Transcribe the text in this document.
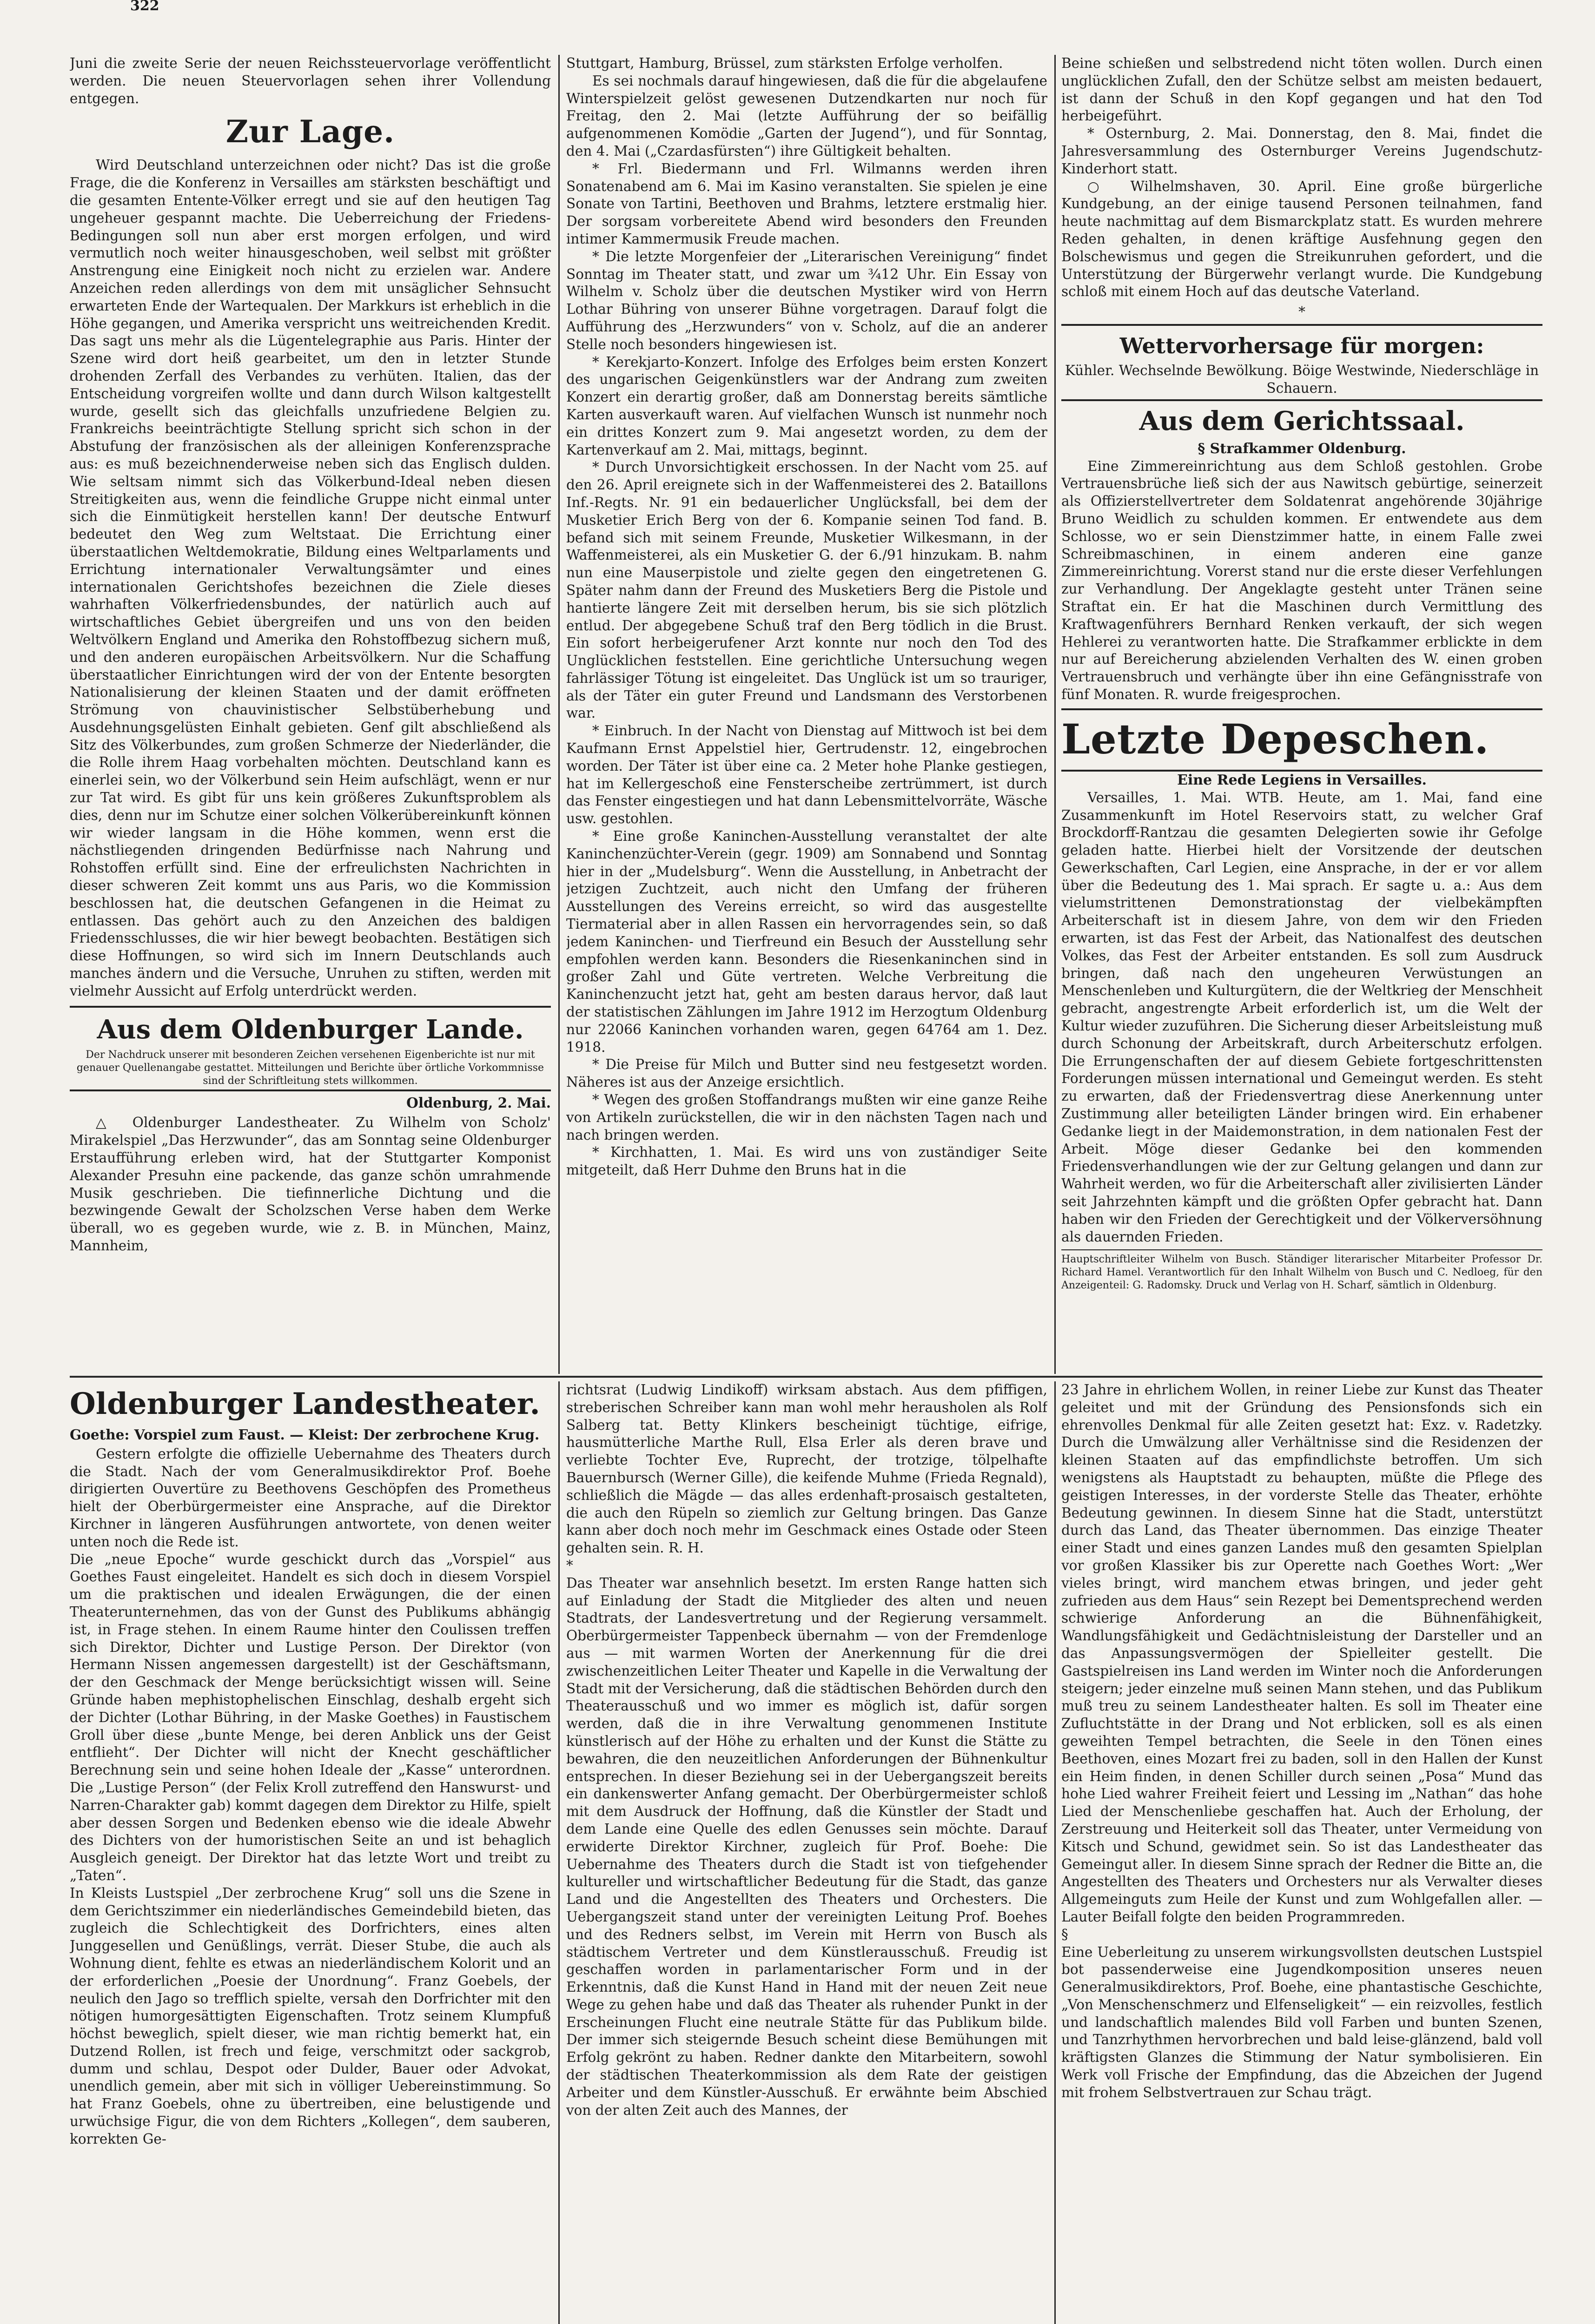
322

Juni die zweite Serie der neuen Reichssteuervorlage veröffentlicht werden. Die neuen Steuervorlagen sehen ihrer Vollendung entgegen.

Zur Lage.

Wird Deutschland unterzeichnen oder nicht? Das ist die große Frage, die die Konferenz in Versailles am stärksten beschäftigt und die gesamten Entente-Völker erregt und sie auf den heutigen Tag ungeheuer gespannt machte. Die Ueberreichung der Friedens-Bedingungen soll nun aber erst morgen erfolgen, und wird vermutlich noch weiter hinausgeschoben, weil selbst mit größter Anstrengung eine Einigkeit noch nicht zu erzielen war. Andere Anzeichen reden allerdings von dem mit unsäglicher Sehnsucht erwarteten Ende der Wartequalen. Der Markkurs ist erheblich in die Höhe gegangen, und Amerika verspricht uns weitreichenden Kredit. Das sagt uns mehr als die Lügentelegraphie aus Paris. Hinter der Szene wird dort heiß gearbeitet, um den in letzter Stunde drohenden Zerfall des Verbandes zu verhüten. Italien, das der Entscheidung vorgreifen wollte und dann durch Wilson kaltgestellt wurde, gesellt sich das gleichfalls unzufriedene Belgien zu. Frankreichs beeinträchtigte Stellung spricht sich schon in der Abstufung der französischen als der alleinigen Konferenzsprache aus: es muß bezeichnenderweise neben sich das Englisch dulden. Wie seltsam nimmt sich das Völkerbund-Ideal neben diesen Streitigkeiten aus, wenn die feindliche Gruppe nicht einmal unter sich die Einmütigkeit herstellen kann! Der deutsche Entwurf bedeutet den Weg zum Weltstaat. Die Errichtung einer überstaatlichen Weltdemokratie, Bildung eines Weltparlaments und Errichtung internationaler Verwaltungsämter und eines internationalen Gerichtshofes bezeichnen die Ziele dieses wahrhaften Völkerfriedensbundes, der natürlich auch auf wirtschaftliches Gebiet übergreifen und uns von den beiden Weltvölkern England und Amerika den Rohstoffbezug sichern muß, und den anderen europäischen Arbeitsvölkern. Nur die Schaffung überstaatlicher Einrichtungen wird der von der Entente besorgten Nationalisierung der kleinen Staaten und der damit eröffneten Strömung von chauvinistischer Selbstüberhebung und Ausdehnungsgelüsten Einhalt gebieten. Genf gilt abschließend als Sitz des Völkerbundes, zum großen Schmerze der Niederländer, die die Rolle ihrem Haag vorbehalten möchten. Deutschland kann es einerlei sein, wo der Völkerbund sein Heim aufschlägt, wenn er nur zur Tat wird. Es gibt für uns kein größeres Zukunftsproblem als dies, denn nur im Schutze einer solchen Völkerübereinkunft können wir wieder langsam in die Höhe kommen, wenn erst die nächstliegenden dringenden Bedürfnisse nach Nahrung und Rohstoffen erfüllt sind. Eine der erfreulichsten Nachrichten in dieser schweren Zeit kommt uns aus Paris, wo die Kommission beschlossen hat, die deutschen Gefangenen in die Heimat zu entlassen. Das gehört auch zu den Anzeichen des baldigen Friedensschlusses, die wir hier bewegt beobachten. Bestätigen sich diese Hoffnungen, so wird sich im Innern Deutschlands auch manches ändern und die Versuche, Unruhen zu stiften, werden mit vielmehr Aussicht auf Erfolg unterdrückt werden.

Aus dem Oldenburger Lande.
Der Nachdruck unserer mit besonderen Zeichen versehenen Eigenberichte ist nur mit genauer Quellenangabe gestattet. Mitteilungen und Berichte über örtliche Vorkommnisse sind der Schriftleitung stets willkommen.
Oldenburg, 2. Mai.

△ Oldenburger Landestheater. Zu Wilhelm von Scholz' Mirakelspiel „Das Herzwunder“, das am Sonntag seine Oldenburger Erstaufführung erleben wird, hat der Stuttgarter Komponist Alexander Presuhn eine packende, das ganze schön umrahmende Musik geschrieben. Die tiefinnerliche Dichtung und die bezwingende Gewalt der Scholzschen Verse haben dem Werke überall, wo es gegeben wurde, wie z. B. in München, Mainz, Mannheim,

Stuttgart, Hamburg, Brüssel, zum stärksten Erfolge verholfen.

Es sei nochmals darauf hingewiesen, daß die für die abgelaufene Winterspielzeit gelöst gewesenen Dutzendkarten nur noch für Freitag, den 2. Mai (letzte Aufführung der so beifällig aufgenommenen Komödie „Garten der Jugend“), und für Sonntag, den 4. Mai („Czardasfürsten“) ihre Gültigkeit behalten.

* Frl. Biedermann und Frl. Wilmanns werden ihren Sonatenabend am 6. Mai im Kasino veranstalten. Sie spielen je eine Sonate von Tartini, Beethoven und Brahms, letztere erstmalig hier. Der sorgsam vorbereitete Abend wird besonders den Freunden intimer Kammermusik Freude machen.

* Die letzte Morgenfeier der „Literarischen Vereinigung“ findet Sonntag im Theater statt, und zwar um ¾12 Uhr. Ein Essay von Wilhelm v. Scholz über die deutschen Mystiker wird von Herrn Lothar Bühring von unserer Bühne vorgetragen. Darauf folgt die Aufführung des „Herzwunders“ von v. Scholz, auf die an anderer Stelle noch besonders hingewiesen ist.

* Kerekjarto-Konzert. Infolge des Erfolges beim ersten Konzert des ungarischen Geigenkünstlers war der Andrang zum zweiten Konzert ein derartig großer, daß am Donnerstag bereits sämtliche Karten ausverkauft waren. Auf vielfachen Wunsch ist nunmehr noch ein drittes Konzert zum 9. Mai angesetzt worden, zu dem der Kartenverkauf am 2. Mai, mittags, beginnt.

* Durch Unvorsichtigkeit erschossen. In der Nacht vom 25. auf den 26. April ereignete sich in der Waffenmeisterei des 2. Bataillons Inf.-Regts. Nr. 91 ein bedauerlicher Unglücksfall, bei dem der Musketier Erich Berg von der 6. Kompanie seinen Tod fand. B. befand sich mit seinem Freunde, Musketier Wilkesmann, in der Waffenmeisterei, als ein Musketier G. der 6./91 hinzukam. B. nahm nun eine Mauserpistole und zielte gegen den eingetretenen G. Später nahm dann der Freund des Musketiers Berg die Pistole und hantierte längere Zeit mit derselben herum, bis sie sich plötzlich entlud. Der abgegebene Schuß traf den Berg tödlich in die Brust. Ein sofort herbeigerufener Arzt konnte nur noch den Tod des Unglücklichen feststellen. Eine gerichtliche Untersuchung wegen fahrlässiger Tötung ist eingeleitet. Das Unglück ist um so trauriger, als der Täter ein guter Freund und Landsmann des Verstorbenen war.

* Einbruch. In der Nacht von Dienstag auf Mittwoch ist bei dem Kaufmann Ernst Appelstiel hier, Gertrudenstr. 12, eingebrochen worden. Der Täter ist über eine ca. 2 Meter hohe Planke gestiegen, hat im Kellergeschoß eine Fensterscheibe zertrümmert, ist durch das Fenster eingestiegen und hat dann Lebensmittelvorräte, Wäsche usw. gestohlen.

* Eine große Kaninchen-Ausstellung veranstaltet der alte Kaninchenzüchter-Verein (gegr. 1909) am Sonnabend und Sonntag hier in der „Mudelsburg“. Wenn die Ausstellung, in Anbetracht der jetzigen Zuchtzeit, auch nicht den Umfang der früheren Ausstellungen des Vereins erreicht, so wird das ausgestellte Tiermaterial aber in allen Rassen ein hervorragendes sein, so daß jedem Kaninchen- und Tierfreund ein Besuch der Ausstellung sehr empfohlen werden kann. Besonders die Riesenkaninchen sind in großer Zahl und Güte vertreten. Welche Verbreitung die Kaninchenzucht jetzt hat, geht am besten daraus hervor, daß laut der statistischen Zählungen im Jahre 1912 im Herzogtum Oldenburg nur 22066 Kaninchen vorhanden waren, gegen 64764 am 1. Dez. 1918.

* Die Preise für Milch und Butter sind neu festgesetzt worden. Näheres ist aus der Anzeige ersichtlich.

* Wegen des großen Stoffandrangs mußten wir eine ganze Reihe von Artikeln zurückstellen, die wir in den nächsten Tagen nach und nach bringen werden.

* Kirchhatten, 1. Mai. Es wird uns von zuständiger Seite mitgeteilt, daß Herr Duhme den Bruns hat in die

Beine schießen und selbstredend nicht töten wollen. Durch einen unglücklichen Zufall, den der Schütze selbst am meisten bedauert, ist dann der Schuß in den Kopf gegangen und hat den Tod herbeigeführt.

* Osternburg, 2. Mai. Donnerstag, den 8. Mai, findet die Jahresversammlung des Osternburger Vereins Jugendschutz-Kinderhort statt.

○ Wilhelmshaven, 30. April. Eine große bürgerliche Kundgebung, an der einige tausend Personen teilnahmen, fand heute nachmittag auf dem Bismarckplatz statt. Es wurden mehrere Reden gehalten, in denen kräftige Ausfehnung gegen den Bolschewismus und gegen die Streikunruhen gefordert, und die Unterstützung der Bürgerwehr verlangt wurde. Die Kundgebung schloß mit einem Hoch auf das deutsche Vaterland.

*
Wettervorhersage für morgen:
Kühler. Wechselnde Bewölkung. Böige Westwinde, Niederschläge in Schauern.
Aus dem Gerichtssaal.
§ Strafkammer Oldenburg.

Eine Zimmereinrichtung aus dem Schloß gestohlen. Grobe Vertrauensbrüche ließ sich der aus Nawitsch gebürtige, seinerzeit als Offizierstellvertreter dem Soldatenrat angehörende 30jährige Bruno Weidlich zu schulden kommen. Er entwendete aus dem Schlosse, wo er sein Dienstzimmer hatte, in einem Falle zwei Schreibmaschinen, in einem anderen eine ganze Zimmereinrichtung. Vorerst stand nur die erste dieser Verfehlungen zur Verhandlung. Der Angeklagte gesteht unter Tränen seine Straftat ein. Er hat die Maschinen durch Vermittlung des Kraftwagenführers Bernhard Renken verkauft, der sich wegen Hehlerei zu verantworten hatte. Die Strafkammer erblickte in dem nur auf Bereicherung abzielenden Verhalten des W. einen groben Vertrauensbruch und verhängte über ihn eine Gefängnisstrafe von fünf Monaten. R. wurde freigesprochen.

Letzte Depeschen.
Eine Rede Legiens in Versailles.

Versailles, 1. Mai. WTB. Heute, am 1. Mai, fand eine Zusammenkunft im Hotel Reservoirs statt, zu welcher Graf Brockdorff-Rantzau die gesamten Delegierten sowie ihr Gefolge geladen hatte. Hierbei hielt der Vorsitzende der deutschen Gewerkschaften, Carl Legien, eine Ansprache, in der er vor allem über die Bedeutung des 1. Mai sprach. Er sagte u. a.: Aus dem vielumstrittenen Demonstrationstag der vielbekämpften Arbeiterschaft ist in diesem Jahre, von dem wir den Frieden erwarten, ist das Fest der Arbeit, das Nationalfest des deutschen Volkes, das Fest der Arbeiter entstanden. Es soll zum Ausdruck bringen, daß nach den ungeheuren Verwüstungen an Menschenleben und Kulturgütern, die der Weltkrieg der Menschheit gebracht, angestrengte Arbeit erforderlich ist, um die Welt der Kultur wieder zuzuführen. Die Sicherung dieser Arbeitsleistung muß durch Schonung der Arbeitskraft, durch Arbeiterschutz erfolgen. Die Errungenschaften der auf diesem Gebiete fortgeschrittensten Forderungen müssen international und Gemeingut werden. Es steht zu erwarten, daß der Friedensvertrag diese Anerkennung unter Zustimmung aller beteiligten Länder bringen wird. Ein erhabener Gedanke liegt in der Maidemonstration, in dem nationalen Fest der Arbeit. Möge dieser Gedanke bei den kommenden Friedensverhandlungen wie der zur Geltung gelangen und dann zur Wahrheit werden, wo für die Arbeiterschaft aller zivilisierten Länder seit Jahrzehnten kämpft und die größten Opfer gebracht hat. Dann haben wir den Frieden der Gerechtigkeit und der Völkerversöhnung als dauernden Frieden.

Hauptschriftleiter Wilhelm von Busch. Ständiger literarischer Mitarbeiter Professor Dr. Richard Hamel. Verantwortlich für den Inhalt Wilhelm von Busch und C. Nedloeg, für den Anzeigenteil: G. Radomsky. Druck und Verlag von H. Scharf, sämtlich in Oldenburg.
Oldenburger Landestheater.
Goethe: Vorspiel zum Faust. — Kleist: Der zerbrochene Krug.

Gestern erfolgte die offizielle Uebernahme des Theaters durch die Stadt. Nach der vom Generalmusikdirektor Prof. Boehe dirigierten Ouvertüre zu Beethovens Geschöpfen des Prometheus hielt der Oberbürgermeister eine Ansprache, auf die Direktor Kirchner in längeren Ausführungen antwortete, von denen weiter unten noch die Rede ist.
Die „neue Epoche“ wurde geschickt durch das „Vorspiel“ aus Goethes Faust eingeleitet. Handelt es sich doch in diesem Vorspiel um die praktischen und idealen Erwägungen, die der einen Theaterunternehmen, das von der Gunst des Publikums abhängig ist, in Frage stehen. In einem Raume hinter den Coulissen treffen sich Direktor, Dichter und Lustige Person. Der Direktor (von Hermann Nissen angemessen dargestellt) ist der Geschäftsmann, der den Geschmack der Menge berücksichtigt wissen will. Seine Gründe haben mephistophelischen Einschlag, deshalb ergeht sich der Dichter (Lothar Bühring, in der Maske Goethes) in Faustischem Groll über diese „bunte Menge, bei deren Anblick uns der Geist entflieht“. Der Dichter will nicht der Knecht geschäftlicher Berechnung sein und seine hohen Ideale der „Kasse“ unterordnen. Die „Lustige Person“ (der Felix Kroll zutreffend den Hanswurst- und Narren-Charakter gab) kommt dagegen dem Direktor zu Hilfe, spielt aber dessen Sorgen und Bedenken ebenso wie die ideale Abwehr des Dichters von der humoristischen Seite an und ist behaglich Ausgleich geneigt. Der Direktor hat das letzte Wort und treibt zu „Taten“.
In Kleists Lustspiel „Der zerbrochene Krug“ soll uns die Szene in dem Gerichtszimmer ein niederländisches Gemeindebild bieten, das zugleich die Schlechtigkeit des Dorfrichters, eines alten Junggesellen und Genüßlings, verrät. Dieser Stube, die auch als Wohnung dient, fehlte es etwas an niederländischem Kolorit und an der erforderlichen „Poesie der Unordnung“. Franz Goebels, der neulich den Jago so trefflich spielte, versah den Dorfrichter mit den nötigen humorgesättigten Eigenschaften. Trotz seinem Klumpfuß höchst beweglich, spielt dieser, wie man richtig bemerkt hat, ein Dutzend Rollen, ist frech und feige, verschmitzt oder sackgrob, dumm und schlau, Despot oder Dulder, Bauer oder Advokat, unendlich gemein, aber mit sich in völliger Uebereinstimmung. So hat Franz Goebels, ohne zu übertreiben, eine belustigende und urwüchsige Figur, die von dem Richters „Kollegen“, dem sauberen, korrekten Ge-

richtsrat (Ludwig Lindikoff) wirksam abstach. Aus dem pfiffigen, streberischen Schreiber kann man wohl mehr herausholen als Rolf Salberg tat. Betty Klinkers bescheinigt tüchtige, eifrige, hausmütterliche Marthe Rull, Elsa Erler als deren brave und verliebte Tochter Eve, Ruprecht, der trotzige, tölpelhafte Bauernbursch (Werner Gille), die keifende Muhme (Frieda Regnald), schließlich die Mägde — das alles erdenhaft-prosaisch gestalteten, die auch den Rüpeln so ziemlich zur Geltung bringen. Das Ganze kann aber doch noch mehr im Geschmack eines Ostade oder Steen gehalten sein. R. H.
*
Das Theater war ansehnlich besetzt. Im ersten Range hatten sich auf Einladung der Stadt die Mitglieder des alten und neuen Stadtrats, der Landesvertretung und der Regierung versammelt. Oberbürgermeister Tappenbeck übernahm — von der Fremdenloge aus — mit warmen Worten der Anerkennung für die drei zwischenzeitlichen Leiter Theater und Kapelle in die Verwaltung der Stadt mit der Versicherung, daß die städtischen Behörden durch den Theaterausschuß und wo immer es möglich ist, dafür sorgen werden, daß die in ihre Verwaltung genommenen Institute künstlerisch auf der Höhe zu erhalten und der Kunst die Stätte zu bewahren, die den neuzeitlichen Anforderungen der Bühnenkultur entsprechen. In dieser Beziehung sei in der Uebergangszeit bereits ein dankenswerter Anfang gemacht. Der Oberbürgermeister schloß mit dem Ausdruck der Hoffnung, daß die Künstler der Stadt und dem Lande eine Quelle des edlen Genusses sein möchte. Darauf erwiderte Direktor Kirchner, zugleich für Prof. Boehe: Die Uebernahme des Theaters durch die Stadt ist von tiefgehender kultureller und wirtschaftlicher Bedeutung für die Stadt, das ganze Land und die Angestellten des Theaters und Orchesters. Die Uebergangszeit stand unter der vereinigten Leitung Prof. Boehes und des Redners selbst, im Verein mit Herrn von Busch als städtischem Vertreter und dem Künstlerausschuß. Freudig ist geschaffen worden in parlamentarischer Form und in der Erkenntnis, daß die Kunst Hand in Hand mit der neuen Zeit neue Wege zu gehen habe und daß das Theater als ruhender Punkt in der Erscheinungen Flucht eine neutrale Stätte für das Publikum bilde. Der immer sich steigernde Besuch scheint diese Bemühungen mit Erfolg gekrönt zu haben. Redner dankte den Mitarbeitern, sowohl der städtischen Theaterkommission als dem Rate der geistigen Arbeiter und dem Künstler-Ausschuß. Er erwähnte beim Abschied von der alten Zeit auch des Mannes, der

23 Jahre in ehrlichem Wollen, in reiner Liebe zur Kunst das Theater geleitet und mit der Gründung des Pensionsfonds sich ein ehrenvolles Denkmal für alle Zeiten gesetzt hat: Exz. v. Radetzky. Durch die Umwälzung aller Verhältnisse sind die Residenzen der kleinen Staaten auf das empfindlichste betroffen. Um sich wenigstens als Hauptstadt zu behaupten, müßte die Pflege des geistigen Interesses, in der vorderste Stelle das Theater, erhöhte Bedeutung gewinnen. In diesem Sinne hat die Stadt, unterstützt durch das Land, das Theater übernommen. Das einzige Theater einer Stadt und eines ganzen Landes muß den gesamten Spielplan vor großen Klassiker bis zur Operette nach Goethes Wort: „Wer vieles bringt, wird manchem etwas bringen, und jeder geht zufrieden aus dem Haus“ sein Rezept bei Dementsprechend werden schwierige Anforderung an die Bühnenfähigkeit, Wandlungsfähigkeit und Gedächtnisleistung der Darsteller und an das Anpassungsvermögen der Spielleiter gestellt. Die Gastspielreisen ins Land werden im Winter noch die Anforderungen steigern; jeder einzelne muß seinen Mann stehen, und das Publikum muß treu zu seinem Landestheater halten. Es soll im Theater eine Zufluchtstätte in der Drang und Not erblicken, soll es als einen geweihten Tempel betrachten, die Seele in den Tönen eines Beethoven, eines Mozart frei zu baden, soll in den Hallen der Kunst ein Heim finden, in denen Schiller durch seinen „Posa“ Mund das hohe Lied wahrer Freiheit feiert und Lessing im „Nathan“ das hohe Lied der Menschenliebe geschaffen hat. Auch der Erholung, der Zerstreuung und Heiterkeit soll das Theater, unter Vermeidung von Kitsch und Schund, gewidmet sein. So ist das Landestheater das Gemeingut aller. In diesem Sinne sprach der Redner die Bitte an, die Angestellten des Theaters und Orchesters nur als Verwalter dieses Allgemeinguts zum Heile der Kunst und zum Wohlgefallen aller. — Lauter Beifall folgte den beiden Programmreden.
§
Eine Ueberleitung zu unserem wirkungsvollsten deutschen Lustspiel bot passenderweise eine Jugendkomposition unseres neuen Generalmusikdirektors, Prof. Boehe, eine phantastische Geschichte, „Von Menschenschmerz und Elfenseligkeit“ — ein reizvolles, festlich und landschaftlich malendes Bild voll Farben und bunten Szenen, und Tanzrhythmen hervorbrechen und bald leise-glänzend, bald voll kräftigsten Glanzes die Stimmung der Natur symbolisieren. Ein Werk voll Frische der Empfindung, das die Abzeichen der Jugend mit frohem Selbstvertrauen zur Schau trägt.
